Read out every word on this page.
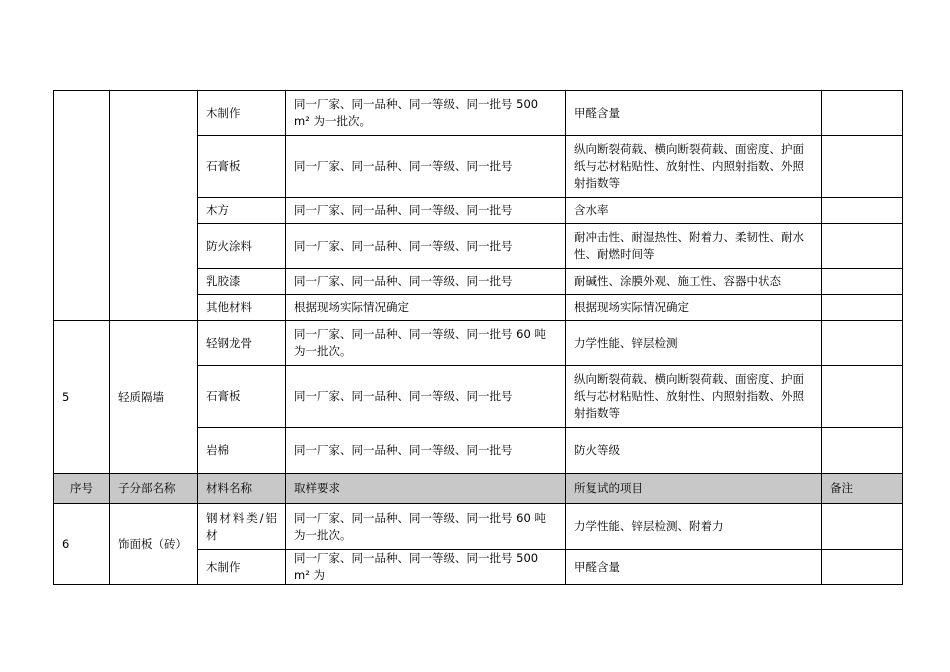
		木制作	同一厂家、同一品种、同一等级、同一批号 500 m² 为一批次。	甲醛含量	
		石膏板	同一厂家、同一品种、同一等级、同一批号	纵向断裂荷载、横向断裂荷载、面密度、护面纸与芯材粘贴性、放射性、内照射指数、外照射指数等	
		木方	同一厂家、同一品种、同一等级、同一批号	含水率	
		防火涂料	同一厂家、同一品种、同一等级、同一批号	耐冲击性、耐湿热性、附着力、柔韧性、耐水性、耐燃时间等	
		乳胶漆	同一厂家、同一品种、同一等级、同一批号	耐碱性、涂膜外观、施工性、容器中状态	
		其他材料	根据现场实际情况确定	根据现场实际情况确定	
5	轻质隔墙	轻钢龙骨	同一厂家、同一品种、同一等级、同一批号 60 吨为一批次。	力学性能、锌层检测	
		石膏板	同一厂家、同一品种、同一等级、同一批号	纵向断裂荷载、横向断裂荷载、面密度、护面纸与芯材粘贴性、放射性、内照射指数、外照射指数等	
		岩棉	同一厂家、同一品种、同一等级、同一批号	防火等级	
序号	子分部名称	材料名称	取样要求	所复试的项目	备注
6	饰面板（砖）	钢材料类/铝材	同一厂家、同一品种、同一等级、同一批号 60 吨为一批次。	力学性能、锌层检测、附着力	
		木制作	同一厂家、同一品种、同一等级、同一批号 500 m² 为	甲醛含量	
